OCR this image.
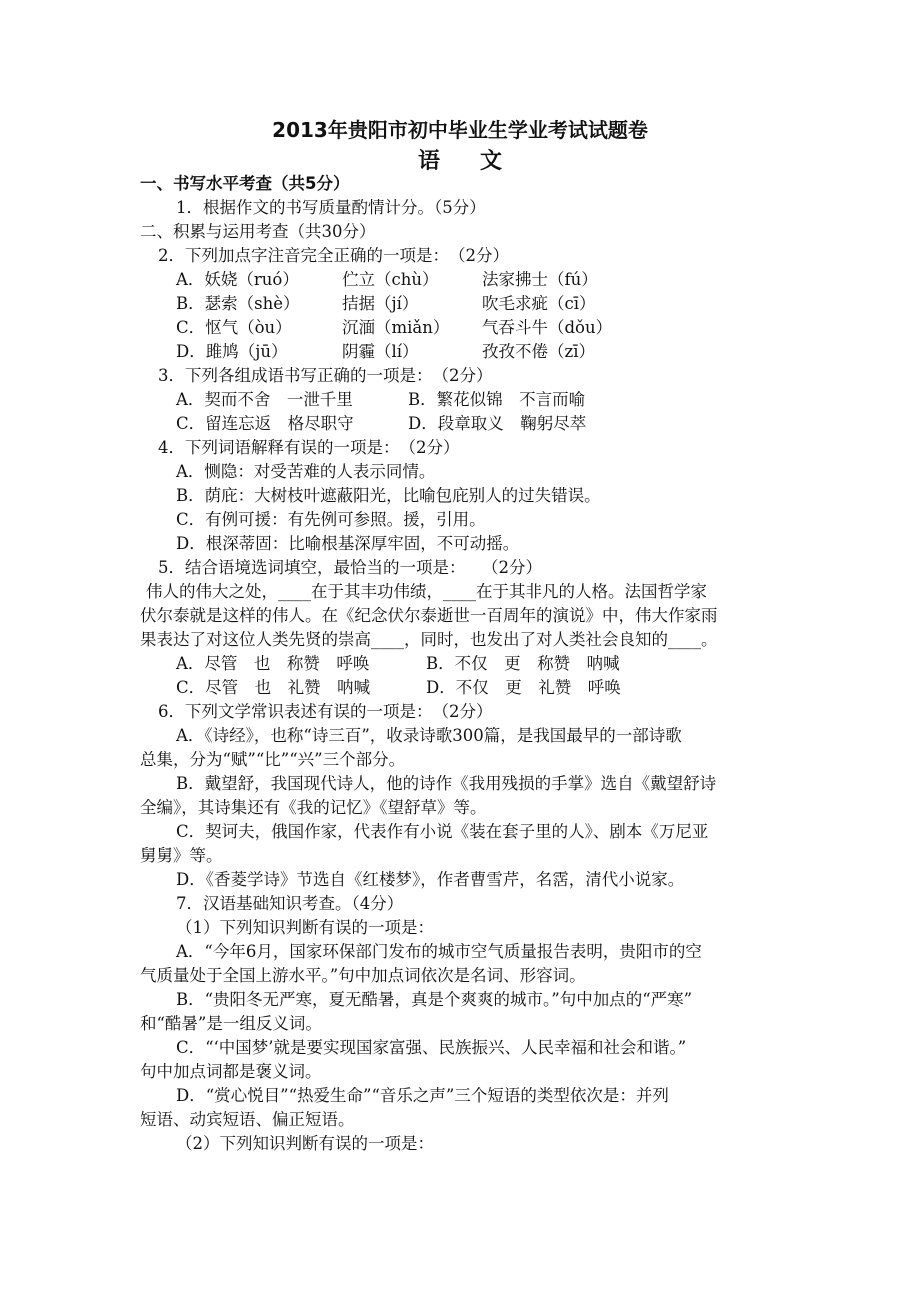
2013年贵阳市初中毕业生学业考试试题卷
语文
一、书写水平考查（共5分）
1．根据作文的书写质量酌情计分。（5分）
二、积累与运用考查（共30分）
2．下列加点字注音完全正确的一项是：　（2分）
A．妖娆（ruó）	伫立（chù）	法家拂士（fú）
B．瑟索（shè）	拮据（jí）	吹毛求疵（cī）
C．怄气（òu）	沉湎（miǎn） 气吞斗牛（dǒu）
D．雎鸠（jū）	阴霾（lí）	孜孜不倦（zī）
3．下列各组成语书写正确的一项是：　（2分）
A．契而不舍　一泄千里	B．繁花似锦　不言而喻
C．留连忘返　格尽职守	D．段章取义　鞠躬尽萃
4．下列词语解释有误的一项是：　（2分）
A．恻隐：对受苦难的人表示同情。
B．荫庇：大树枝叶遮蔽阳光，比喻包庇别人的过失错误。
C．有例可援：有先例可参照。援，引用。
D．根深蒂固：比喻根基深厚牢固，不可动摇。
5．结合语境选词填空，最恰当的一项是：　　（2分）
伟人的伟大之处，____在于其丰功伟绩，____在于其非凡的人格。法国哲学家
伏尔泰就是这样的伟人。在《纪念伏尔泰逝世一百周年的演说》中，伟大作家雨
果表达了对这位人类先贤的崇高____，同时，也发出了对人类社会良知的____。
A．尽管　也　称赞　呼唤	B．不仅　更　称赞　呐喊
C．尽管　也　礼赞　呐喊	D．不仅　更　礼赞　呼唤
6．下列文学常识表述有误的一项是：　（2分）
A．《诗经》，也称“诗三百”，收录诗歌300篇，是我国最早的一部诗歌
总集，分为“赋”“比”“兴”三个部分。
B．戴望舒，我国现代诗人，他的诗作《我用残损的手掌》选自《戴望舒诗
全编》，其诗集还有《我的记忆》《望舒草》等。
C．契诃夫，俄国作家，代表作有小说《装在套子里的人》、剧本《万尼亚
舅舅》等。
D．《香菱学诗》节选自《红楼梦》，作者曹雪芹，名霑，清代小说家。
7．汉语基础知识考查。（4分）
（1）下列知识判断有误的一项是：
A．“今年6月，国家环保部门发布的城市空气质量报告表明，贵阳市的空
气质量处于全国上游水平。”句中加点词依次是名词、形容词。
B．“贵阳冬无严寒，夏无酷暑，真是个爽爽的城市。”句中加点的“严寒”
和“酷暑”是一组反义词。
C．“‘中国梦’就是要实现国家富强、民族振兴、人民幸福和社会和谐。”
句中加点词都是褒义词。
D．“赏心悦目”“热爱生命”“音乐之声”三个短语的类型依次是：并列
短语、动宾短语、偏正短语。
（2）下列知识判断有误的一项是：
